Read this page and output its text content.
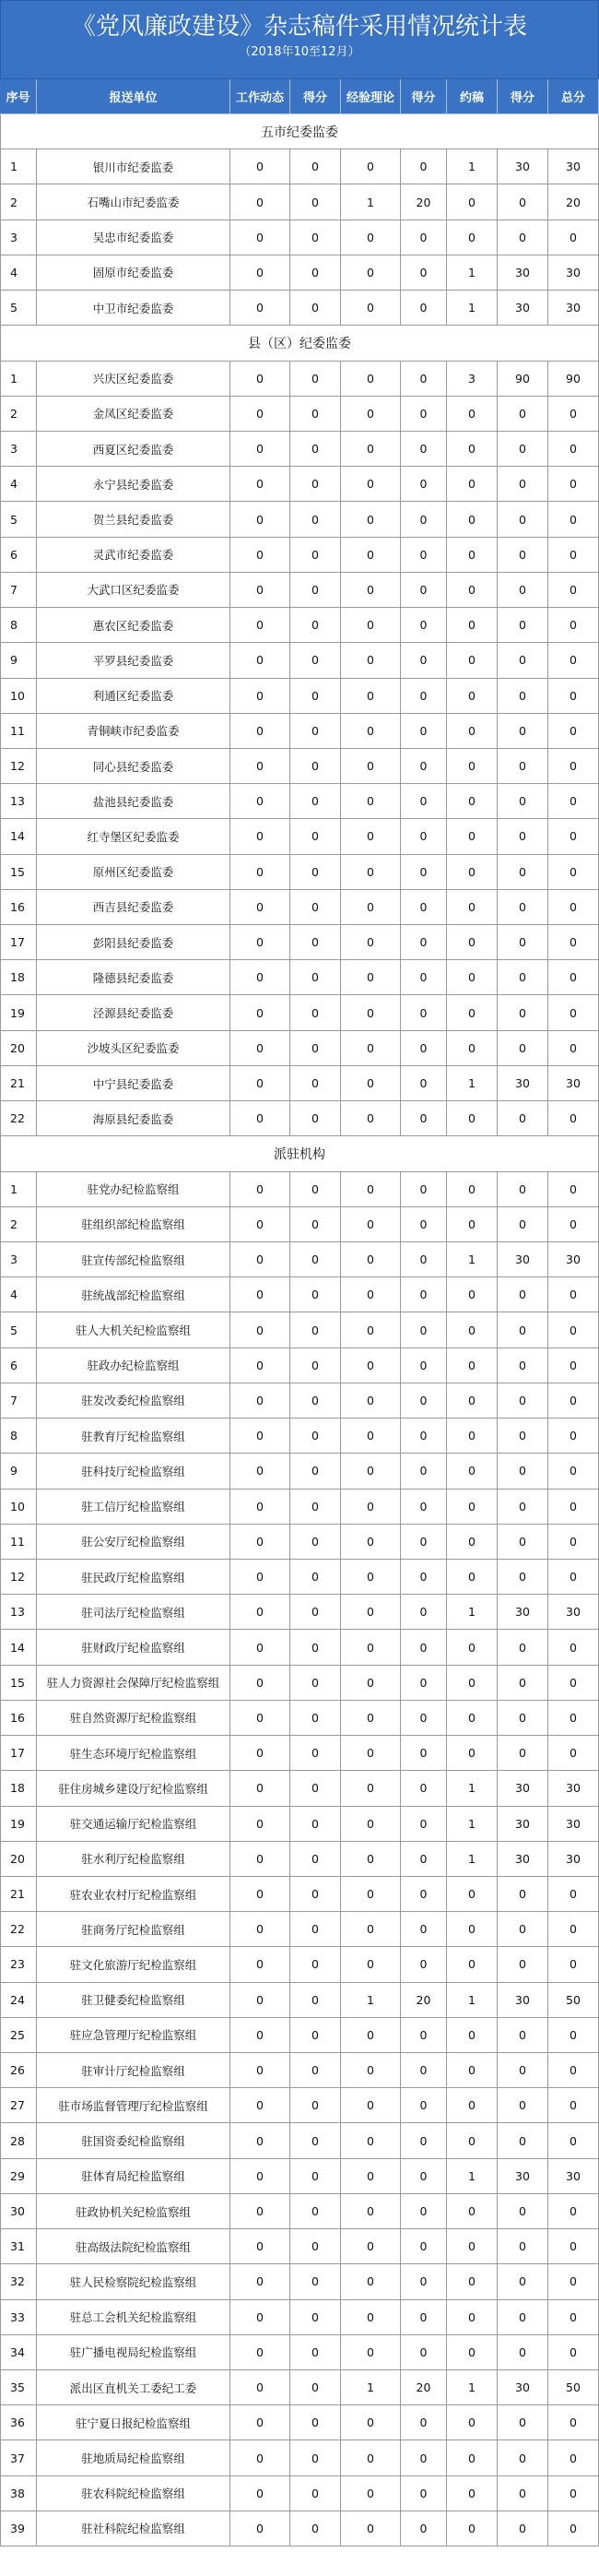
《党风廉政建设》杂志稿件采用情况统计表
（2018年10至12月）
序号	报送单位	工作动态	得分	经验理论	得分	约稿	得分	总分
五市纪委监委
1	银川市纪委监委	0	0	0	0	1	30	30
2	石嘴山市纪委监委	0	0	1	20	0	0	20
3	吴忠市纪委监委	0	0	0	0	0	0	0
4	固原市纪委监委	0	0	0	0	1	30	30
5	中卫市纪委监委	0	0	0	0	1	30	30
县（区）纪委监委
1	兴庆区纪委监委	0	0	0	0	3	90	90
2	金凤区纪委监委	0	0	0	0	0	0	0
3	西夏区纪委监委	0	0	0	0	0	0	0
4	永宁县纪委监委	0	0	0	0	0	0	0
5	贺兰县纪委监委	0	0	0	0	0	0	0
6	灵武市纪委监委	0	0	0	0	0	0	0
7	大武口区纪委监委	0	0	0	0	0	0	0
8	惠农区纪委监委	0	0	0	0	0	0	0
9	平罗县纪委监委	0	0	0	0	0	0	0
10	利通区纪委监委	0	0	0	0	0	0	0
11	青铜峡市纪委监委	0	0	0	0	0	0	0
12	同心县纪委监委	0	0	0	0	0	0	0
13	盐池县纪委监委	0	0	0	0	0	0	0
14	红寺堡区纪委监委	0	0	0	0	0	0	0
15	原州区纪委监委	0	0	0	0	0	0	0
16	西吉县纪委监委	0	0	0	0	0	0	0
17	彭阳县纪委监委	0	0	0	0	0	0	0
18	隆德县纪委监委	0	0	0	0	0	0	0
19	泾源县纪委监委	0	0	0	0	0	0	0
20	沙坡头区纪委监委	0	0	0	0	0	0	0
21	中宁县纪委监委	0	0	0	0	1	30	30
22	海原县纪委监委	0	0	0	0	0	0	0
派驻机构
1	驻党办纪检监察组	0	0	0	0	0	0	0
2	驻组织部纪检监察组	0	0	0	0	0	0	0
3	驻宣传部纪检监察组	0	0	0	0	1	30	30
4	驻统战部纪检监察组	0	0	0	0	0	0	0
5	驻人大机关纪检监察组	0	0	0	0	0	0	0
6	驻政办纪检监察组	0	0	0	0	0	0	0
7	驻发改委纪检监察组	0	0	0	0	0	0	0
8	驻教育厅纪检监察组	0	0	0	0	0	0	0
9	驻科技厅纪检监察组	0	0	0	0	0	0	0
10	驻工信厅纪检监察组	0	0	0	0	0	0	0
11	驻公安厅纪检监察组	0	0	0	0	0	0	0
12	驻民政厅纪检监察组	0	0	0	0	0	0	0
13	驻司法厅纪检监察组	0	0	0	0	1	30	30
14	驻财政厅纪检监察组	0	0	0	0	0	0	0
15	驻人力资源社会保障厅纪检监察组	0	0	0	0	0	0	0
16	驻自然资源厅纪检监察组	0	0	0	0	0	0	0
17	驻生态环境厅纪检监察组	0	0	0	0	0	0	0
18	驻住房城乡建设厅纪检监察组	0	0	0	0	1	30	30
19	驻交通运输厅纪检监察组	0	0	0	0	1	30	30
20	驻水利厅纪检监察组	0	0	0	0	1	30	30
21	驻农业农村厅纪检监察组	0	0	0	0	0	0	0
22	驻商务厅纪检监察组	0	0	0	0	0	0	0
23	驻文化旅游厅纪检监察组	0	0	0	0	0	0	0
24	驻卫健委纪检监察组	0	0	1	20	1	30	50
25	驻应急管理厅纪检监察组	0	0	0	0	0	0	0
26	驻审计厅纪检监察组	0	0	0	0	0	0	0
27	驻市场监督管理厅纪检监察组	0	0	0	0	0	0	0
28	驻国资委纪检监察组	0	0	0	0	0	0	0
29	驻体育局纪检监察组	0	0	0	0	1	30	30
30	驻政协机关纪检监察组	0	0	0	0	0	0	0
31	驻高级法院纪检监察组	0	0	0	0	0	0	0
32	驻人民检察院纪检监察组	0	0	0	0	0	0	0
33	驻总工会机关纪检监察组	0	0	0	0	0	0	0
34	驻广播电视局纪检监察组	0	0	0	0	0	0	0
35	派出区直机关工委纪工委	0	0	1	20	1	30	50
36	驻宁夏日报纪检监察组	0	0	0	0	0	0	0
37	驻地质局纪检监察组	0	0	0	0	0	0	0
38	驻农科院纪检监察组	0	0	0	0	0	0	0
39	驻社科院纪检监察组	0	0	0	0	0	0	0
